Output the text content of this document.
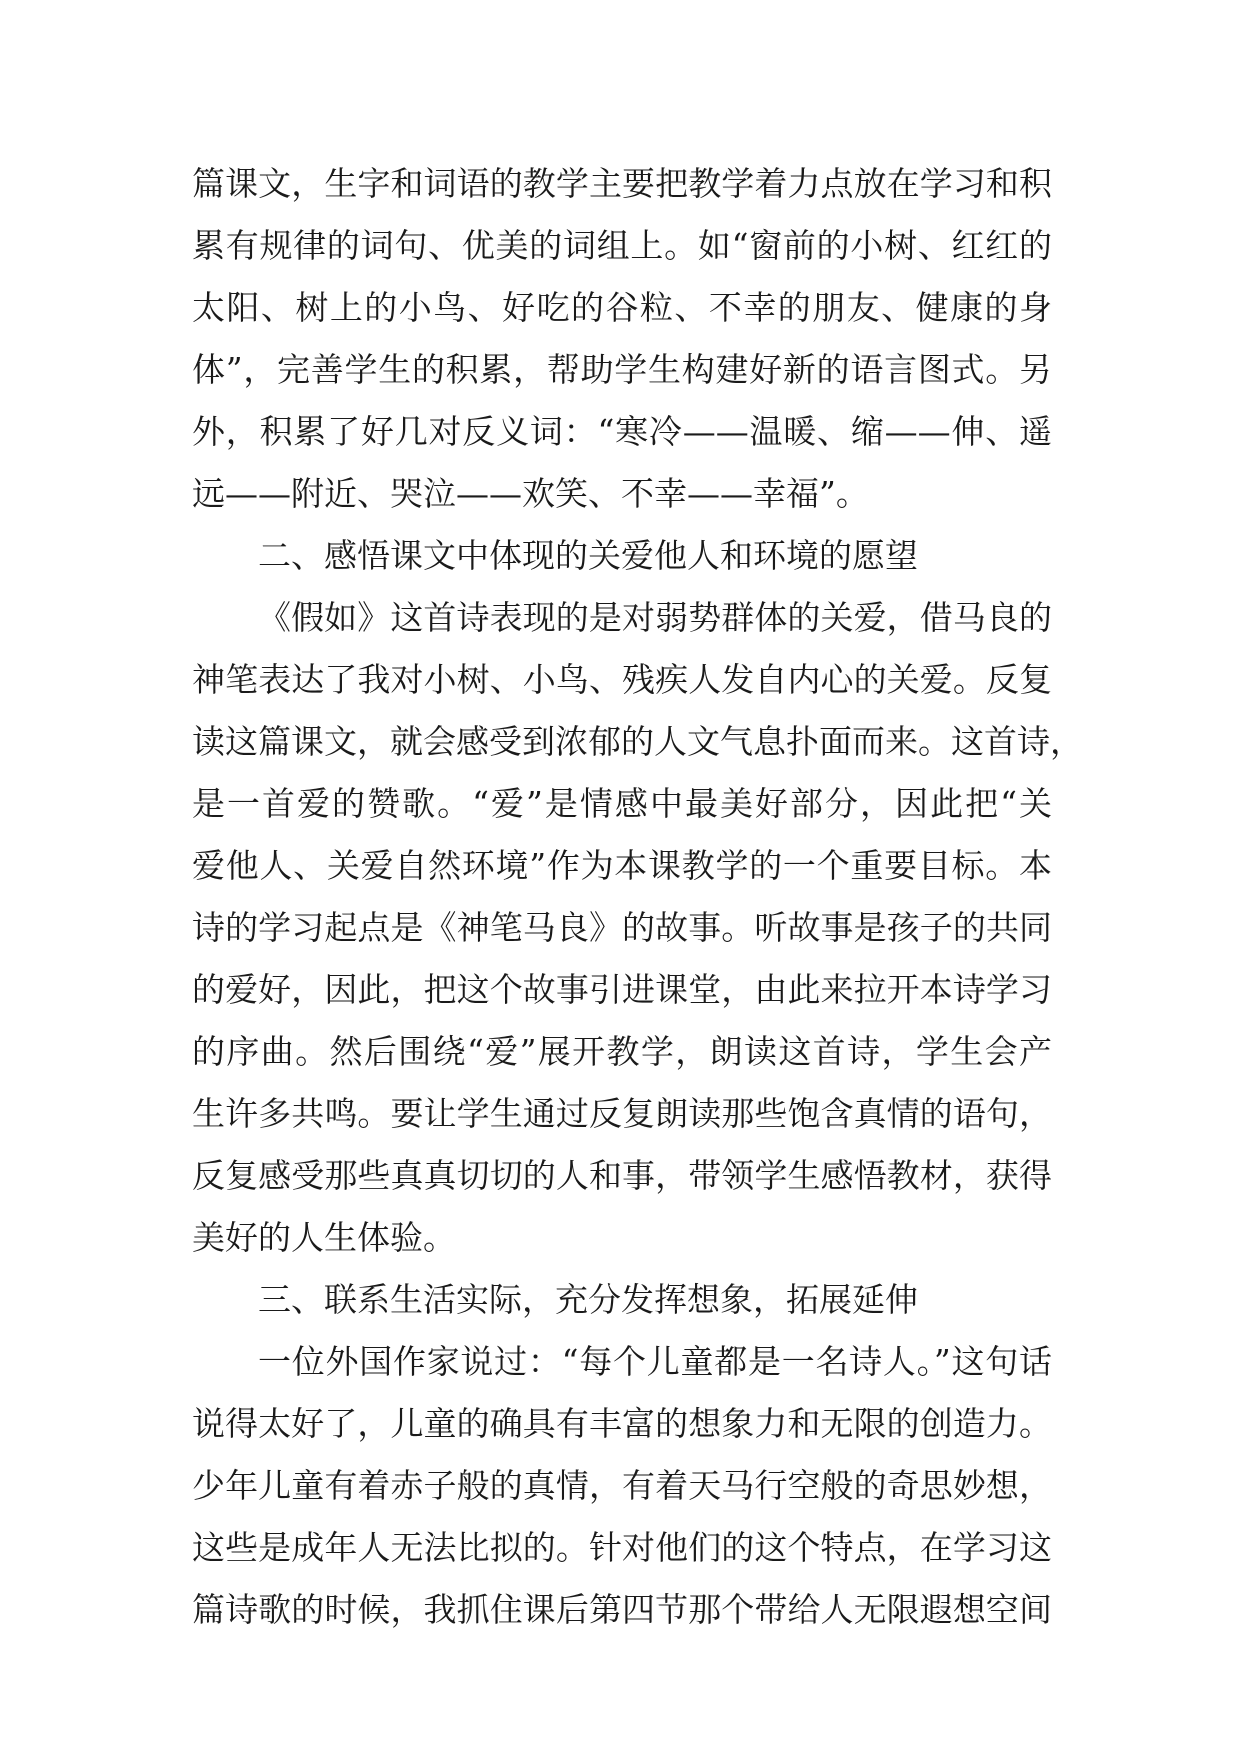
篇课文，生字和词语的教学主要把教学着力点放在学习和积
累有规律的词句、优美的词组上。如“窗前的小树、红红的
太阳、树上的小鸟、好吃的谷粒、不幸的朋友、健康的身
体”，完善学生的积累，帮助学生构建好新的语言图式。另
外，积累了好几对反义词：“寒冷——温暖、缩——伸、遥
远——附近、哭泣——欢笑、不幸——幸福”。
二、感悟课文中体现的关爱他人和环境的愿望
《假如》这首诗表现的是对弱势群体的关爱，借马良的
神笔表达了我对小树、小鸟、残疾人发自内心的关爱。反复
读这篇课文，就会感受到浓郁的人文气息扑面而来。这首诗，
是一首爱的赞歌。“爱”是情感中最美好部分，因此把“关
爱他人、关爱自然环境”作为本课教学的一个重要目标。本
诗的学习起点是《神笔马良》的故事。听故事是孩子的共同
的爱好，因此，把这个故事引进课堂，由此来拉开本诗学习
的序曲。然后围绕“爱”展开教学，朗读这首诗，学生会产
生许多共鸣。要让学生通过反复朗读那些饱含真情的语句，
反复感受那些真真切切的人和事，带领学生感悟教材，获得
美好的人生体验。
三、联系生活实际，充分发挥想象，拓展延伸
一位外国作家说过：“每个儿童都是一名诗人。”这句话
说得太好了，儿童的确具有丰富的想象力和无限的创造力。
少年儿童有着赤子般的真情，有着天马行空般的奇思妙想，
这些是成年人无法比拟的。针对他们的这个特点，在学习这
篇诗歌的时候，我抓住课后第四节那个带给人无限遐想空间
